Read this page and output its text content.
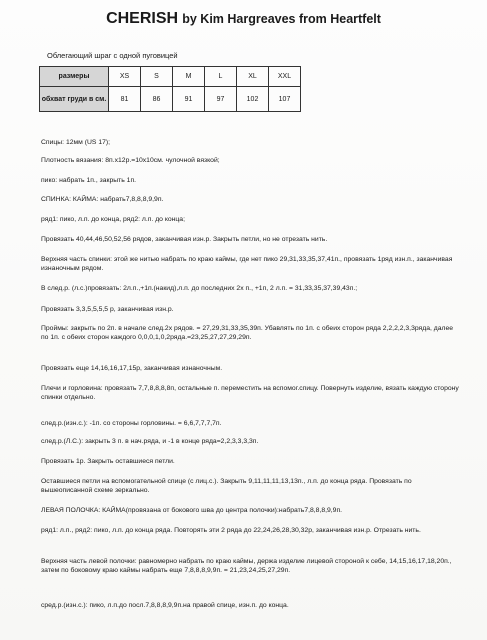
CHERISH by Kim Hargreaves from Heartfelt
Облегающий шраг с одной пуговицей
размеры	XS	S	M	L	XL	XXL
обхват груди в см.	81	86	91	97	102	107
Спицы: 12мм (US 17);
Плотность вязания: 8п.х12р.=10х10см. чулочной вязкой;
пико: набрать 1п., закрыть 1п.
СПИНКА: КАЙМА: набрать7,8,8,8,9,9п.
ряд1: пико, л.п. до конца, ряд2: л.п. до конца;
Провязать 40,44,46,50,52,56 рядов, заканчивая изн.р. Закрыть петли, но не отрезать нить.
Верхняя часть спинки: этой же нитью набрать по краю каймы, где нет пико 29,31,33,35,37,41п., провязать 1ряд изн.п., заканчивая изнаночным рядом.
В след.р. (л.с.)провязать: 2л.п.,+1п.(накид),л.п. до последних 2х п., +1п, 2 л.п. = 31,33,35,37,39,43п.;
Провязать 3,3,5,5,5,5 р, заканчивая изн.р.
Проймы: закрыть по 2п. в начале след.2х рядов. = 27,29,31,33,35,39п. Убавлять по 1п. с обеих сторон ряда 2,2,2,2,3,3ряда, далее по 1п. с обеих сторон каждого 0,0,0,1,0,2ряда.=23,25,27,27,29,29п.
Провязать еще 14,16,16,17,15р, заканчивая изнаночным.
Плечи и горловина: провязать 7,7,8,8,8,8п, остальные п. переместить на вспомог.спицу. Повернуть изделие, вязать каждую сторону спинки отдельно.
след.р.(изн.с.): -1п. со стороны горловины. = 6,6,7,7,7,7п.
след.р.(Л.С.): закрыть 3 п. в нач.ряда, и -1 в конце ряда=2,2,3,3,3,3п.
Провязать 1р. Закрыть оставшиеся петли.
Оставшиеся петли на вспомогательной спице (с лиц.с.). Закрыть 9,11,11,11,13,13п., л.п. до конца ряда. Провязать по вышеописанной схеме зеркально.
ЛЕВАЯ ПОЛОЧКА: КАЙМА(провязана от бокового шва до центра полочки):набрать7,8,8,8,9,9п.
ряд1: л.п., ряд2: пико, л.п. до конца ряда. Повторять эти 2 ряда до 22,24,26,28,30,32р, заканчивая изн.р. Отрезать нить.
Верхняя часть левой полочки: равномерно набрать по краю каймы, держа изделие лицевой стороной к себе, 14,15,16,17,18,20п., затем по боковому краю каймы набрать еще 7,8,8,8,9,9п. = 21,23,24,25,27,29п.
сред.р.(изн.с.): пико, л.п.до посл.7,8,8,8,9,9п.на правой спице, изн.п. до конца.
